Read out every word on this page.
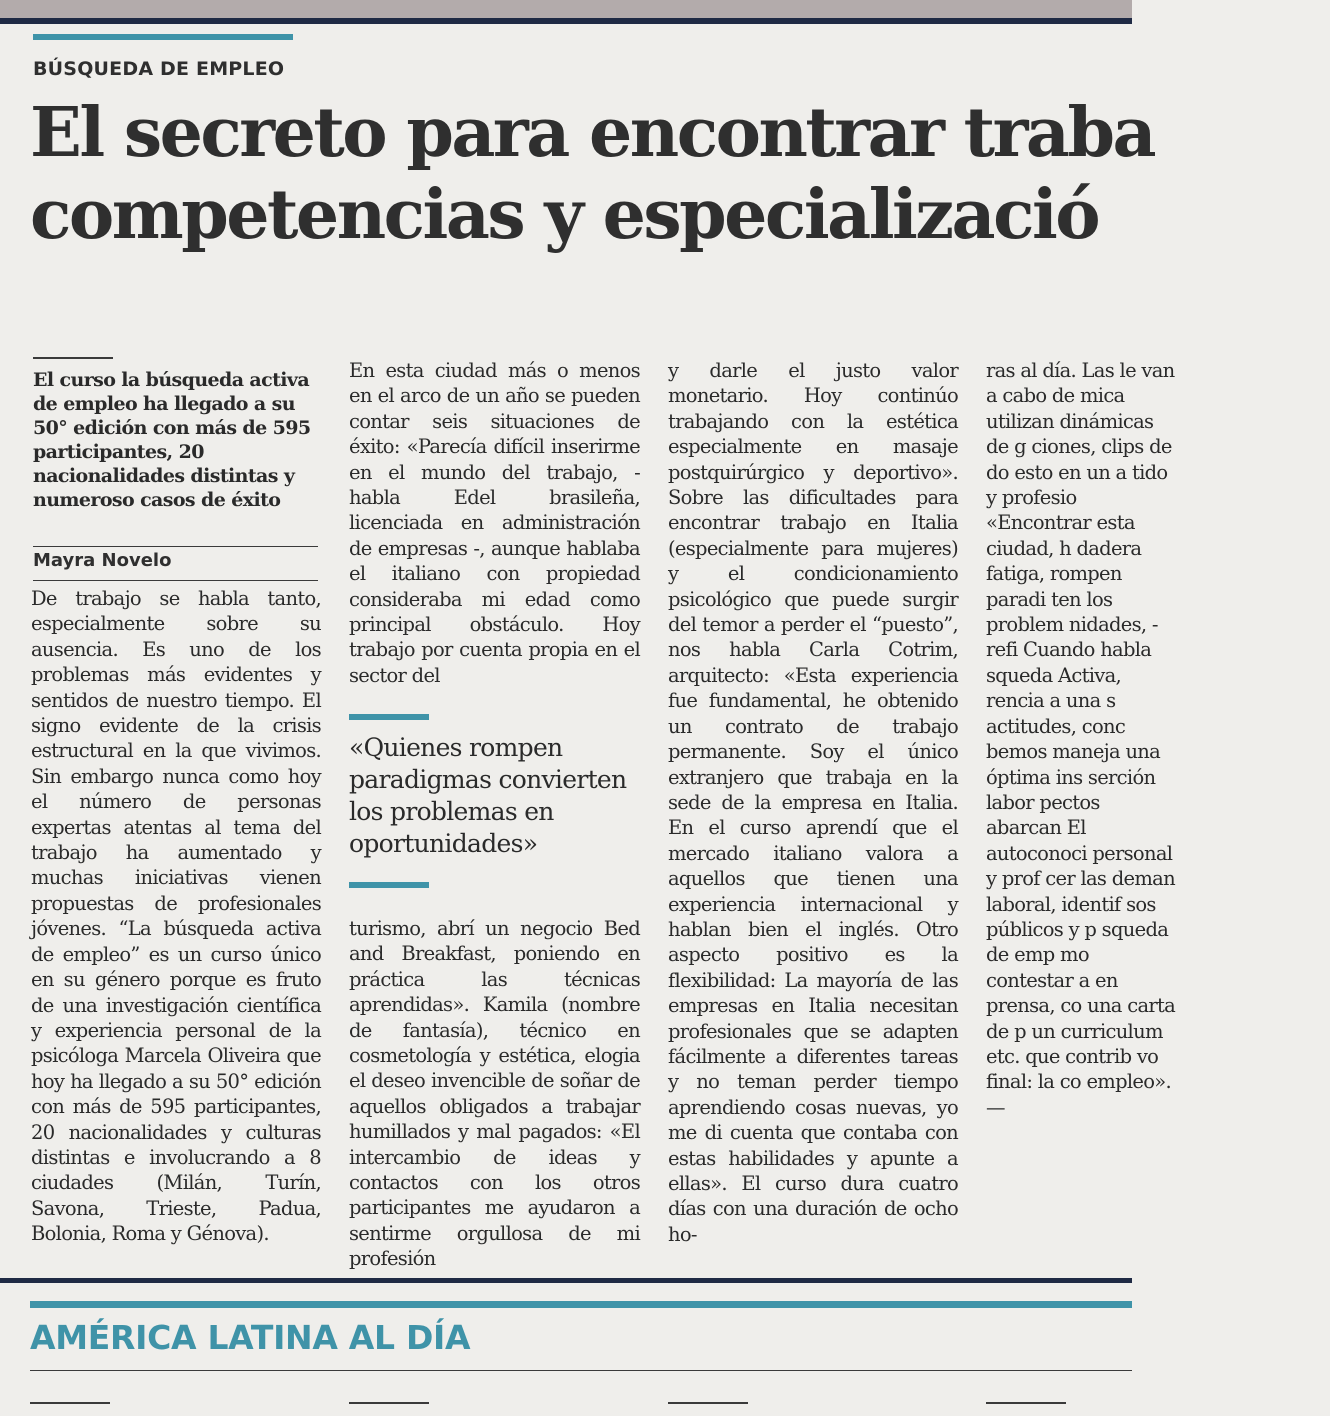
BÚSQUEDA DE EMPLEO
El secreto para encontrar traba
competencias y especializació
El curso la búsqueda activa de empleo ha llegado a su 50° edición con más de 595 participantes, 20 nacionalidades distintas y numeroso casos de éxito
Mayra Novelo
De trabajo se habla tanto, especialmente sobre su ausencia. Es uno de los problemas más evidentes y sentidos de nuestro tiempo. El signo evidente de la crisis estructural en la que vivimos. Sin embargo nunca como hoy el número de personas expertas atentas al tema del trabajo ha aumentado y muchas iniciativas vienen propuestas de profesionales jóvenes. “La búsqueda activa de empleo” es un curso único en su género porque es fruto de una investigación científica y experiencia personal de la psicóloga Marcela Oliveira que hoy ha llegado a su 50° edición con más de 595 participantes, 20 nacionalidades y culturas distintas e involucrando a 8 ciudades (Milán, Turín, Savona, Trieste, Padua, Bolonia, Roma y Génova).
En esta ciudad más o menos en el arco de un año se pueden contar seis situaciones de éxito: «Parecía difícil inserirme en el mundo del trabajo, - habla Edel brasileña, licenciada en administración de empresas -, aunque hablaba el italiano con propiedad consideraba mi edad como principal obstáculo. Hoy trabajo por cuenta propia en el sector del
«Quienes rompen paradigmas convierten los problemas en oportunidades»
turismo, abrí un negocio Bed and Breakfast, poniendo en práctica las técnicas aprendidas». Kamila (nombre de fantasía), técnico en cosmetología y estética, elogia el deseo invencible de soñar de aquellos obligados a trabajar humillados y mal pagados: «El intercambio de ideas y contactos con los otros participantes me ayudaron a sentirme orgullosa de mi profesión
y darle el justo valor monetario. Hoy continúo trabajando con la estética especialmente en masaje postquirúrgico y deportivo». Sobre las dificultades para encontrar trabajo en Italia (especialmente para mujeres) y el condicionamiento psicológico que puede surgir del temor a perder el “puesto”, nos habla Carla Cotrim, arquitecto: «Esta experiencia fue fundamental, he obtenido un contrato de trabajo permanente. Soy el único extranjero que trabaja en la sede de la empresa en Italia. En el curso aprendí que el mercado italiano valora a aquellos que tienen una experiencia internacional y hablan bien el inglés. Otro aspecto positivo es la flexibilidad: La mayoría de las empresas en Italia necesitan profesionales que se adapten fácilmente a diferentes tareas y no teman perder tiempo aprendiendo cosas nuevas, yo me di cuenta que contaba con estas habilidades y apunte a ellas». El curso dura cuatro días con una duración de ocho ho-
ras al día. Las le van a cabo de mica utilizan dinámicas de g ciones, clips de do esto en un a tido y profesio «Encontrar esta ciudad, h dadera fatiga, rompen paradi ten los problem nidades, - refi Cuando habla squeda Activa, rencia a una s actitudes, conc bemos maneja una óptima ins serción labor pectos abarcan El autoconoci personal y prof cer las deman laboral, identif sos públicos y p squeda de emp mo contestar a en prensa, co una carta de p un curriculum etc. que contrib vo final: la co empleo». —
AMÉRICA LATINA AL DÍA
